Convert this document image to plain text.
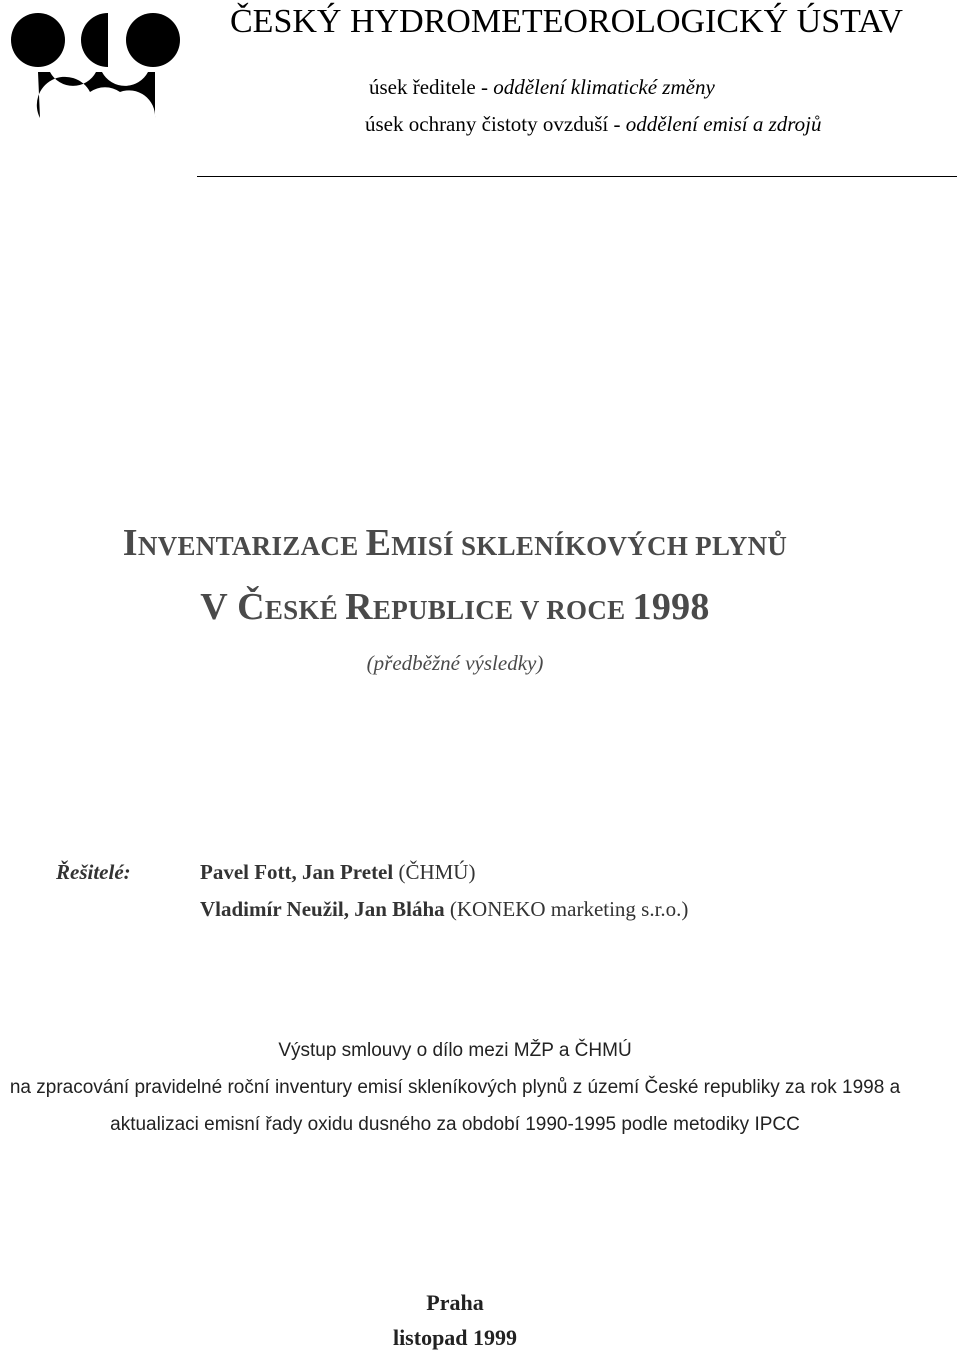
ČESKÝ HYDROMETEOROLOGICKÝ ÚSTAV
úsek ředitele - oddělení klimatické změny
úsek ochrany čistoty ovzduší - oddělení emisí a zdrojů
INVENTARIZACE EMISÍ SKLENÍKOVÝCH PLYNŮ
V ČESKÉ REPUBLICE V ROCE 1998
(předběžné výsledky)
Řešitelé:	Pavel Fott, Jan Pretel (ČHMÚ)
Vladimír Neužil, Jan Bláha (KONEKO marketing s.r.o.)
Výstup smlouvy o dílo mezi MŽP a ČHMÚ
na zpracování pravidelné roční inventury emisí skleníkových plynů z území České republiky za rok 1998 a
aktualizaci emisní řady oxidu dusného za období 1990-1995 podle metodiky IPCC
Praha
listopad 1999
